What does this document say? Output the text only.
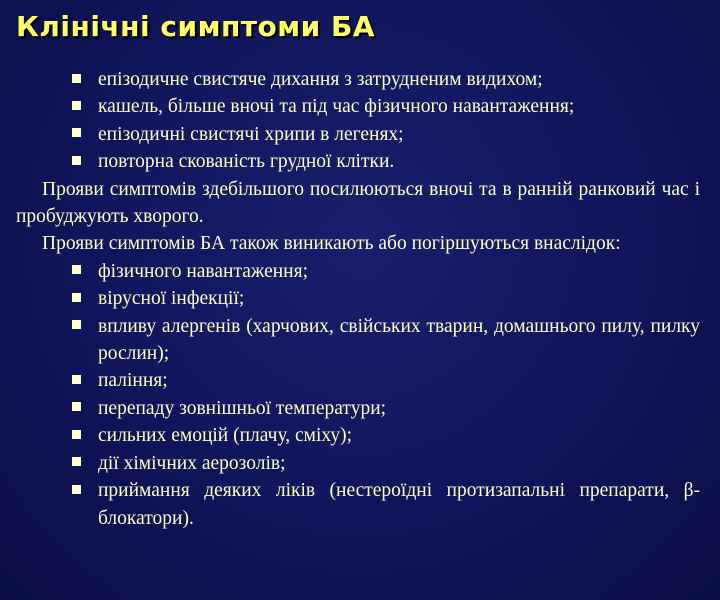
Клінічні симптоми БА
епізодичне свистяче дихання з затрудненим видихом;
кашель, більше вночі та під час фізичного навантаження;
епізодичні свистячі хрипи в легенях;
повторна скованість грудної клітки.
Прояви симптомів здебільшого посилюються вночі та в ранній ранковий час і пробуджують хворого.
Прояви симптомів БА також виникають або погіршуються внаслідок:
фізичного навантаження;
вірусної інфекції;
впливу алергенів (харчових, свійських тварин, домашнього пилу, пилку рослин);
паління;
перепаду зовнішньої температури;
сильних емоцій (плачу, сміху);
дії хімічних аерозолів;
приймання деяких ліків (нестероїдні протизапальні препарати, β-блокатори).
